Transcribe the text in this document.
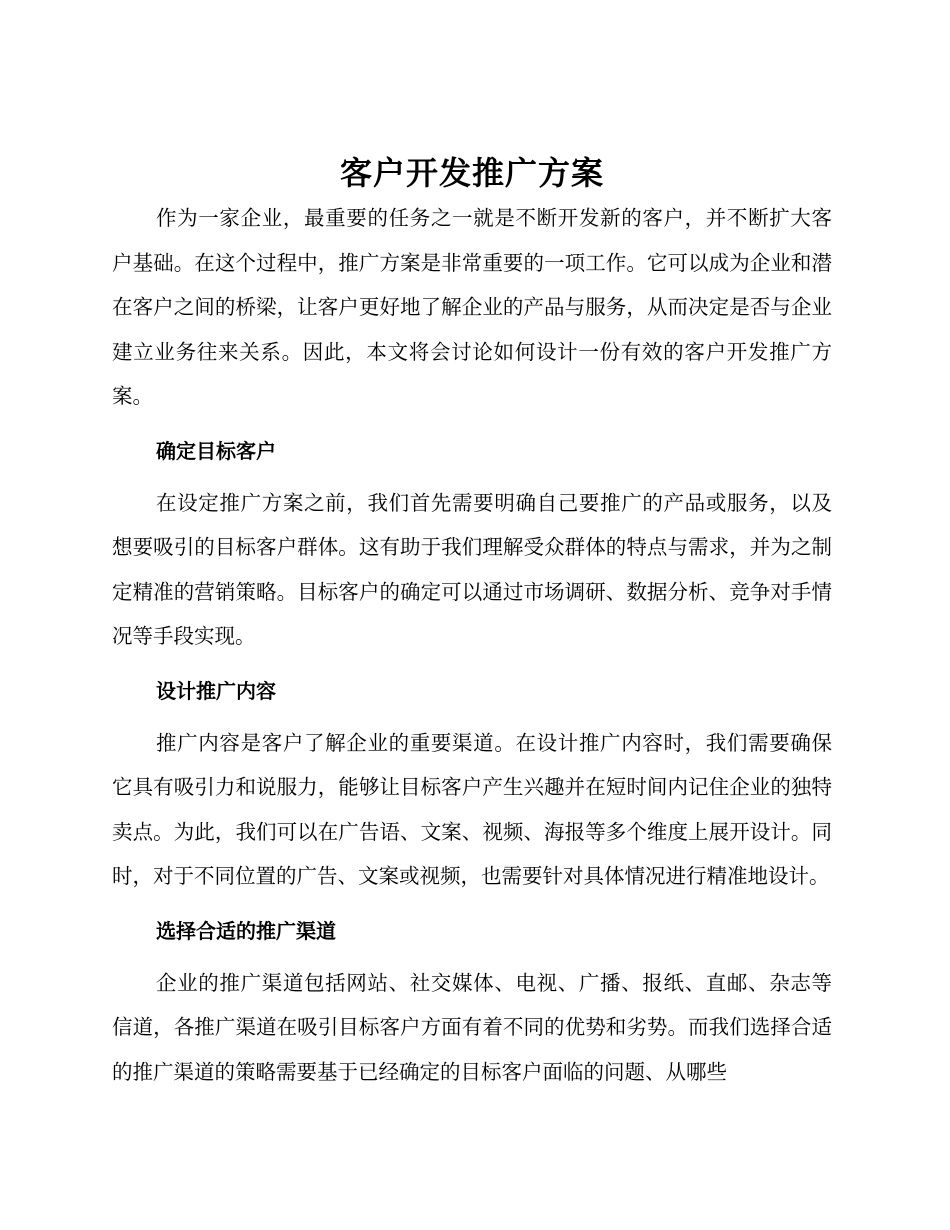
客户开发推广方案

作为一家企业，最重要的任务之一就是不断开发新的客户，并不断扩大客户基础。在这个过程中，推广方案是非常重要的一项工作。它可以成为企业和潜在客户之间的桥梁，让客户更好地了解企业的产品与服务，从而决定是否与企业建立业务往来关系。因此，本文将会讨论如何设计一份有效的客户开发推广方案。

确定目标客户

在设定推广方案之前，我们首先需要明确自己要推广的产品或服务，以及想要吸引的目标客户群体。这有助于我们理解受众群体的特点与需求，并为之制定精准的营销策略。目标客户的确定可以通过市场调研、数据分析、竞争对手情况等手段实现。

设计推广内容

推广内容是客户了解企业的重要渠道。在设计推广内容时，我们需要确保它具有吸引力和说服力，能够让目标客户产生兴趣并在短时间内记住企业的独特卖点。为此，我们可以在广告语、文案、视频、海报等多个维度上展开设计。同时，对于不同位置的广告、文案或视频，也需要针对具体情况进行精准地设计。

选择合适的推广渠道

企业的推广渠道包括网站、社交媒体、电视、广播、报纸、直邮、杂志等信道，各推广渠道在吸引目标客户方面有着不同的优势和劣势。而我们选择合适的推广渠道的策略需要基于已经确定的目标客户面临的问题、从哪些
